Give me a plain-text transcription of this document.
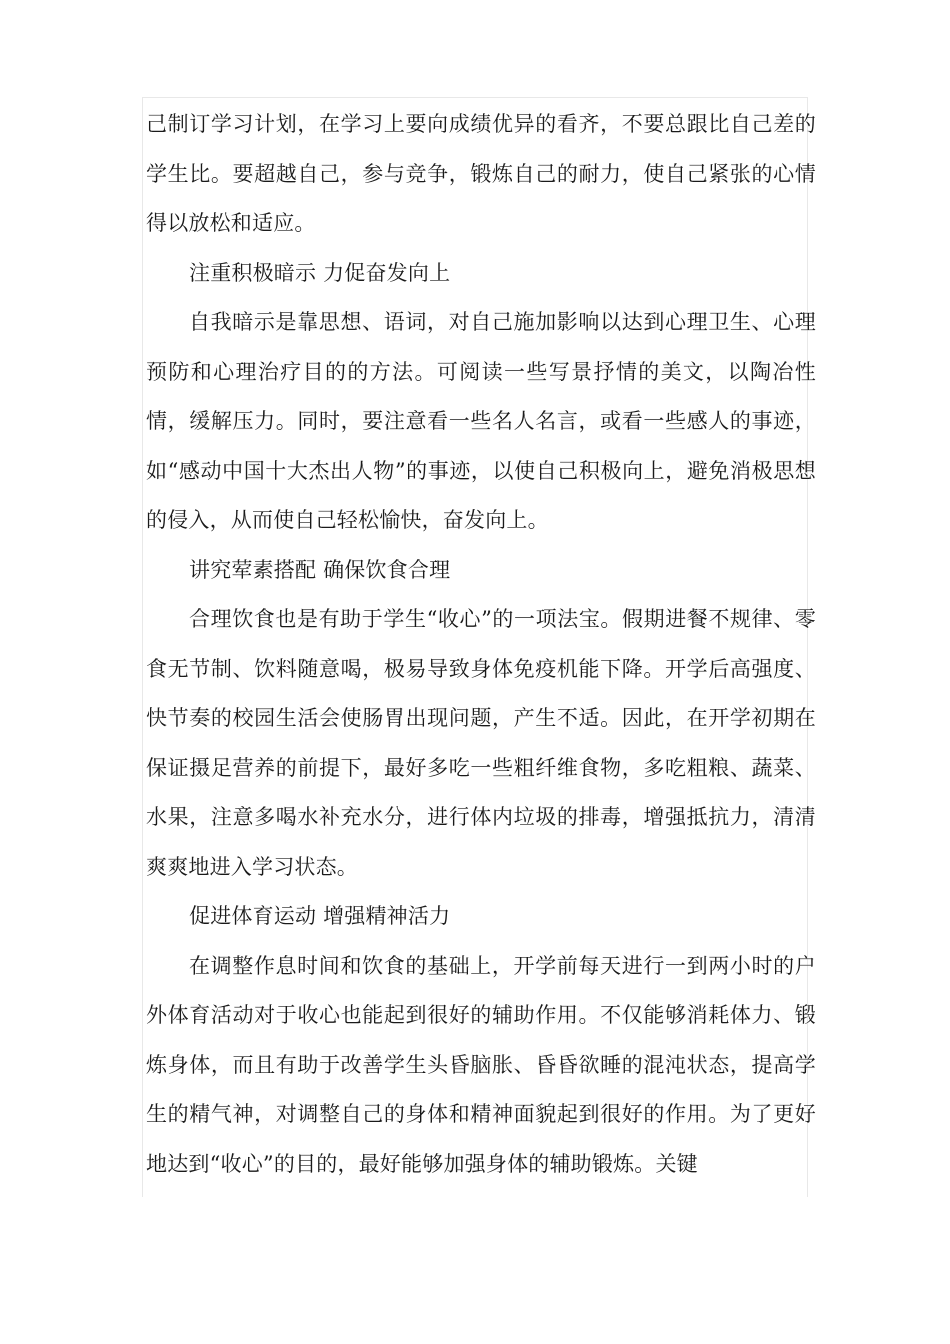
己制订学习计划，在学习上要向成绩优异的看齐，不要总跟比自己差的学生比。要超越自己，参与竞争，锻炼自己的耐力，使自己紧张的心情得以放松和适应。

注重积极暗示 力促奋发向上

自我暗示是靠思想、语词，对自己施加影响以达到心理卫生、心理预防和心理治疗目的的方法。可阅读一些写景抒情的美文，以陶冶性情，缓解压力。同时，要注意看一些名人名言，或看一些感人的事迹，如“感动中国十大杰出人物”的事迹，以使自己积极向上，避免消极思想的侵入，从而使自己轻松愉快，奋发向上。

讲究荤素搭配 确保饮食合理

合理饮食也是有助于学生“收心”的一项法宝。假期进餐不规律、零食无节制、饮料随意喝，极易导致身体免疫机能下降。开学后高强度、快节奏的校园生活会使肠胃出现问题，产生不适。因此，在开学初期在保证摄足营养的前提下，最好多吃一些粗纤维食物，多吃粗粮、蔬菜、水果，注意多喝水补充水分，进行体内垃圾的排毒，增强抵抗力，清清爽爽地进入学习状态。

促进体育运动 增强精神活力

在调整作息时间和饮食的基础上，开学前每天进行一到两小时的户外体育活动对于收心也能起到很好的辅助作用。不仅能够消耗体力、锻炼身体，而且有助于改善学生头昏脑胀、昏昏欲睡的混沌状态，提高学生的精气神，对调整自己的身体和精神面貌起到很好的作用。为了更好地达到“收心”的目的，最好能够加强身体的辅助锻炼。关键
